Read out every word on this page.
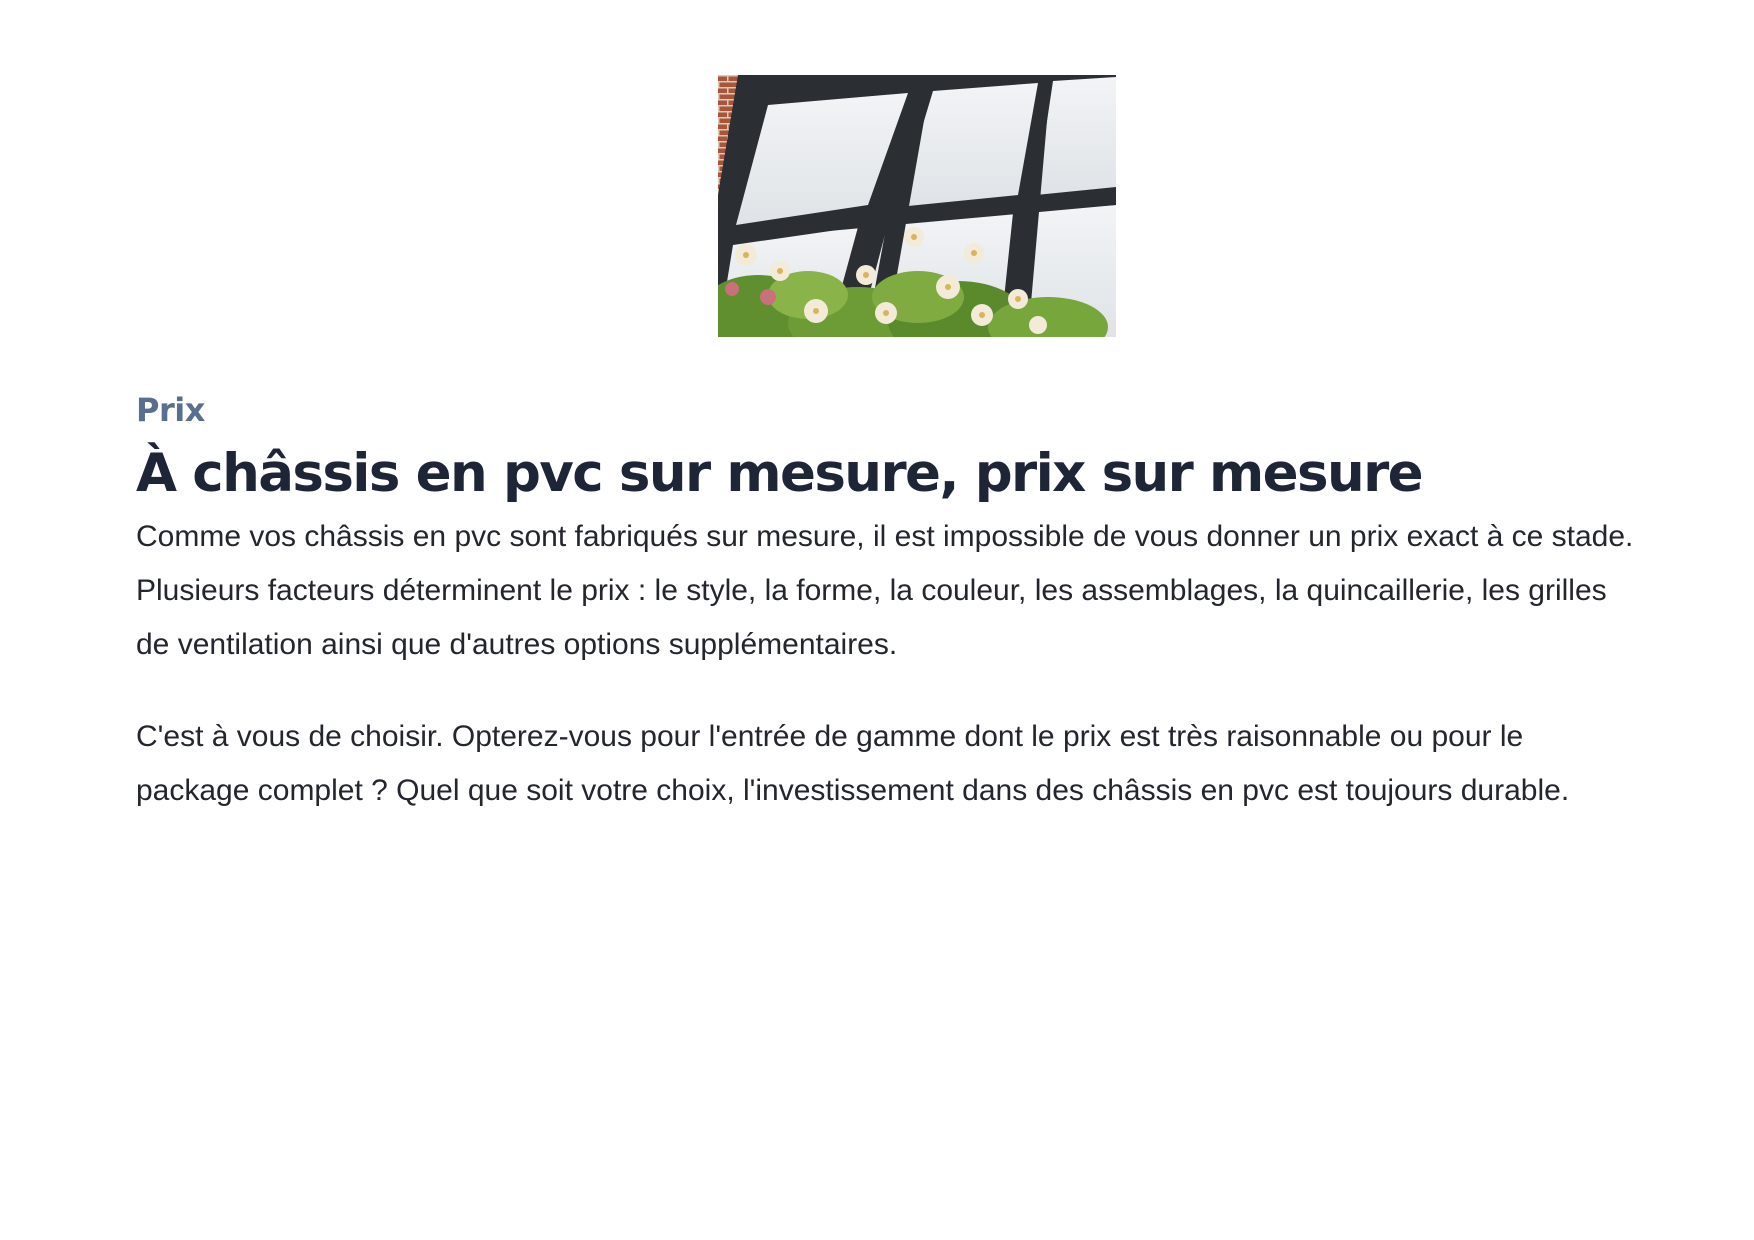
Prix

À châssis en pvc sur mesure, prix sur mesure

Comme vos châssis en pvc sont fabriqués sur mesure, il est impossible de vous donner un prix exact à ce stade. Plusieurs facteurs déterminent le prix : le style, la forme, la couleur, les assemblages, la quincaillerie, les grilles de ventilation ainsi que d'autres options supplémentaires.

C'est à vous de choisir. Opterez-vous pour l'entrée de gamme dont le prix est très raisonnable ou pour le package complet ? Quel que soit votre choix, l'investissement dans des châssis en pvc est toujours durable.
